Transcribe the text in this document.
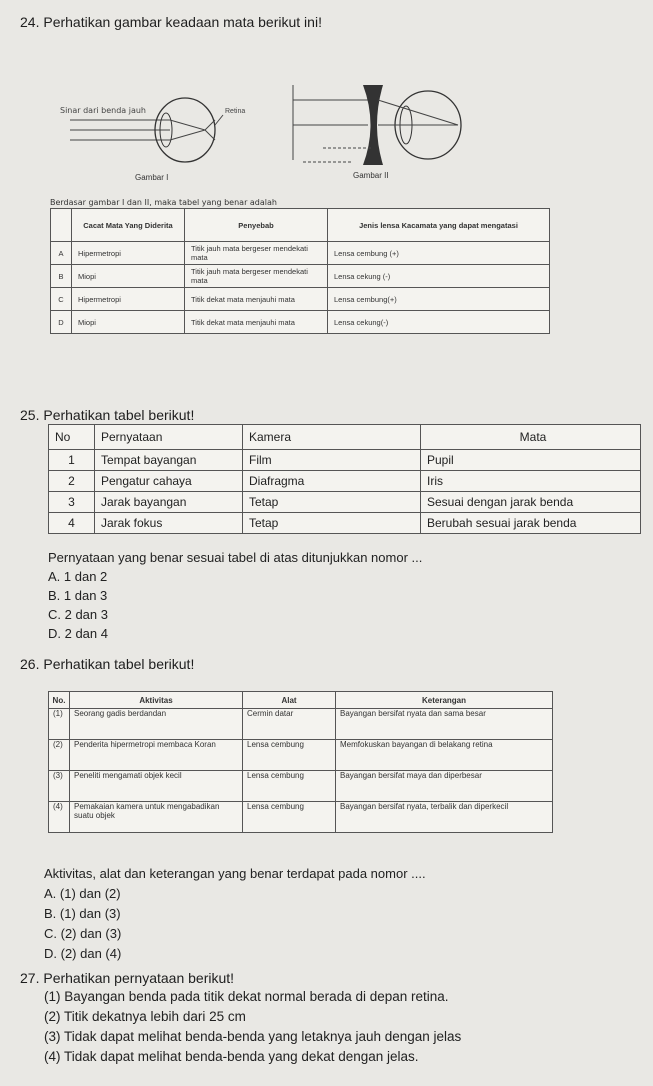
24. Perhatikan gambar keadaan mata berikut ini!
Sinar dari benda jauh	Retina
Gambar I	Gambar II
Berdasar gambar I dan II, maka tabel yang benar adalah
	Cacat Mata Yang Diderita	Penyebab	Jenis lensa Kacamata yang dapat mengatasi
A	Hipermetropi	Titik jauh mata bergeser mendekati mata	Lensa cembung (+)
B	Miopi	Titik jauh mata bergeser mendekati mata	Lensa cekung (-)
C	Hipermetropi	Titik dekat mata menjauhi mata	Lensa cembung(+)
D	Miopi	Titik dekat mata menjauhi mata	Lensa cekung(-)
25. Perhatikan tabel berikut!
No	Pernyataan	Kamera	Mata
1	Tempat bayangan	Film	Pupil
2	Pengatur cahaya	Diafragma	Iris
3	Jarak bayangan	Tetap	Sesuai dengan jarak benda
4	Jarak fokus	Tetap	Berubah sesuai jarak benda
Pernyataan yang benar sesuai tabel di atas ditunjukkan nomor ...
A. 1 dan 2
B. 1 dan 3
C. 2 dan 3
D. 2 dan 4
26. Perhatikan tabel berikut!
No.	Aktivitas	Alat	Keterangan
(1)	Seorang gadis berdandan	Cermin datar	Bayangan bersifat nyata dan sama besar
(2)	Penderita hipermetropi membaca Koran	Lensa cembung	Memfokuskan bayangan di belakang retina
(3)	Peneliti mengamati objek kecil	Lensa cembung	Bayangan bersifat maya dan diperbesar
(4)	Pemakaian kamera untuk mengabadikan suatu objek	Lensa cembung	Bayangan bersifat nyata, terbalik dan diperkecil
Aktivitas, alat dan keterangan yang benar terdapat pada nomor ....
A. (1) dan (2)
B. (1) dan (3)
C. (2) dan (3)
D. (2) dan (4)
27. Perhatikan pernyataan berikut!
(1) Bayangan benda pada titik dekat normal berada di depan retina.
(2) Titik dekatnya lebih dari 25 cm
(3) Tidak dapat melihat benda-benda yang letaknya jauh dengan jelas
(4) Tidak dapat melihat benda-benda yang dekat dengan jelas.
